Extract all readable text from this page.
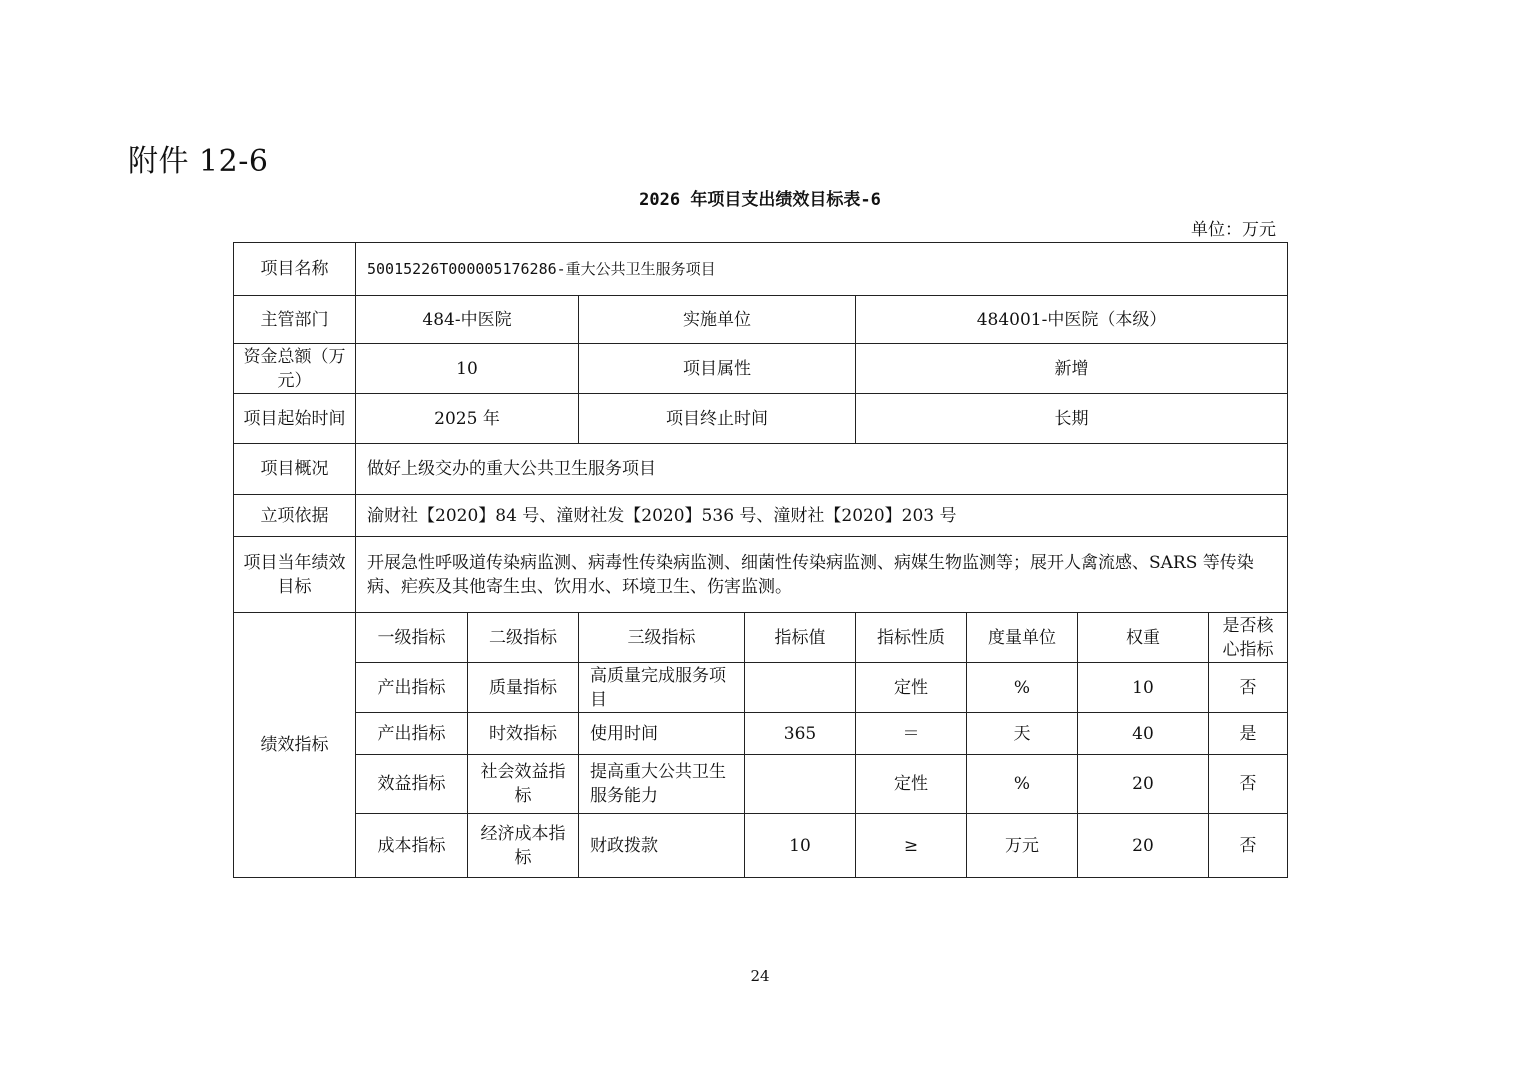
附件 12-6
2026 年项目支出绩效目标表-6
单位：万元
项目名称	50015226T000005176286-重大公共卫生服务项目							
主管部门	484-中医院		实施单位		484001-中医院（本级）			
资金总额（万元）	10		项目属性		新增			
项目起始时间	2025 年		项目终止时间		长期			
项目概况	做好上级交办的重大公共卫生服务项目							
立项依据	渝财社【2020】84 号、潼财社发【2020】536 号、潼财社【2020】203 号							
项目当年绩效目标	开展急性呼吸道传染病监测、病毒性传染病监测、细菌性传染病监测、病媒生物监测等；展开人禽流感、SARS 等传染病、疟疾及其他寄生虫、饮用水、环境卫生、伤害监测。							
绩效指标	一级指标	二级指标	三级指标	指标值	指标性质	度量单位	权重	是否核心指标
	产出指标	质量指标	高质量完成服务项目		定性	%	10	否
	产出指标	时效指标	使用时间	365	＝	天	40	是
	效益指标	社会效益指标	提高重大公共卫生服务能力		定性	%	20	否
	成本指标	经济成本指标	财政拨款	10	≥	万元	20	否
24
